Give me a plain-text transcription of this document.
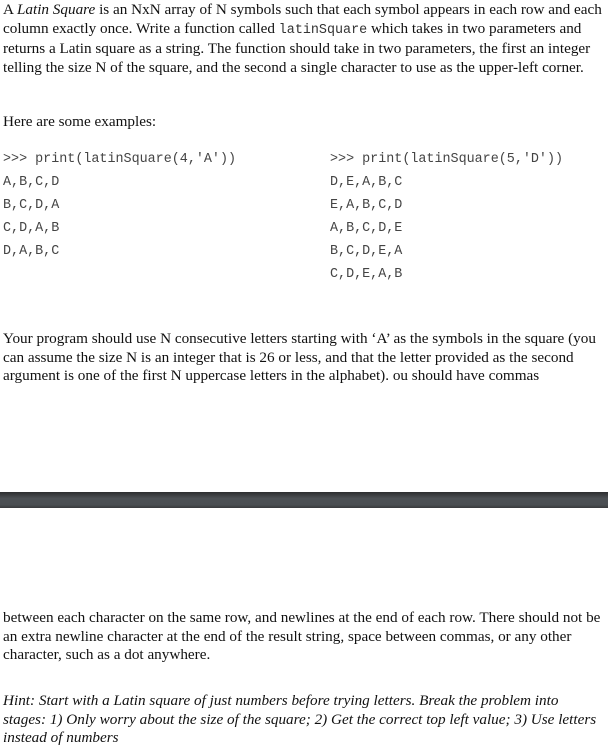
A Latin Square is an NxN array of N symbols such that each symbol appears in each row and each column exactly once. Write a function called latinSquare which takes in two parameters and returns a Latin square as a string. The function should take in two parameters, the first an integer telling the size N of the square, and the second a single character to use as the upper-left corner.
Here are some examples:
>>> print(latinSquare(4,'A'))
A,B,C,D
B,C,D,A
C,D,A,B
D,A,B,C
>>> print(latinSquare(5,'D'))
D,E,A,B,C
E,A,B,C,D
A,B,C,D,E
B,C,D,E,A
C,D,E,A,B
Your program should use N consecutive letters starting with ‘A’ as the symbols in the square (you can assume the size N is an integer that is 26 or less, and that the letter provided as the second argument is one of the first N uppercase letters in the alphabet). ou should have commas
between each character on the same row, and newlines at the end of each row. There should not be an extra newline character at the end of the result string, space between commas, or any other character, such as a dot anywhere.
Hint: Start with a Latin square of just numbers before trying letters. Break the problem into stages: 1) Only worry about the size of the square; 2) Get the correct top left value; 3) Use letters instead of numbers
